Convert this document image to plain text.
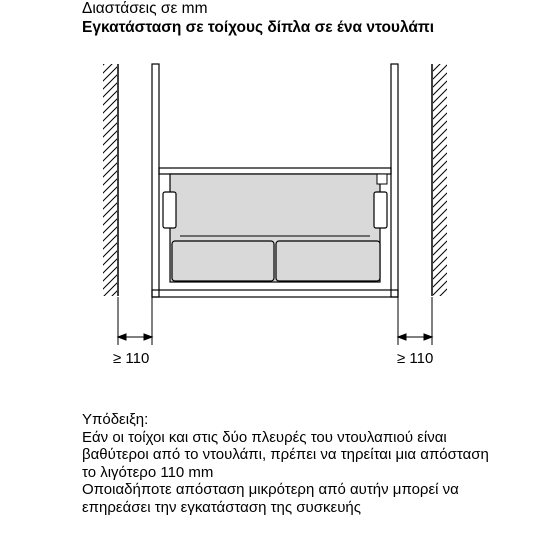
Διαστάσεις σε mm
Εγκατάσταση σε τοίχους δίπλα σε ένα ντουλάπι
≥ 110	≥ 110

Υπόδειξη:

Εάν οι τοίχοι και στις δύο πλευρές του ντουλαπιού είναι βαθύτεροι από το ντουλάπι, πρέπει να τηρείται μια απόσταση το λιγότερο 110 mm

Οποιαδήποτε απόσταση μικρότερη από αυτήν μπορεί να επηρεάσει την εγκατάσταση της συσκευής
